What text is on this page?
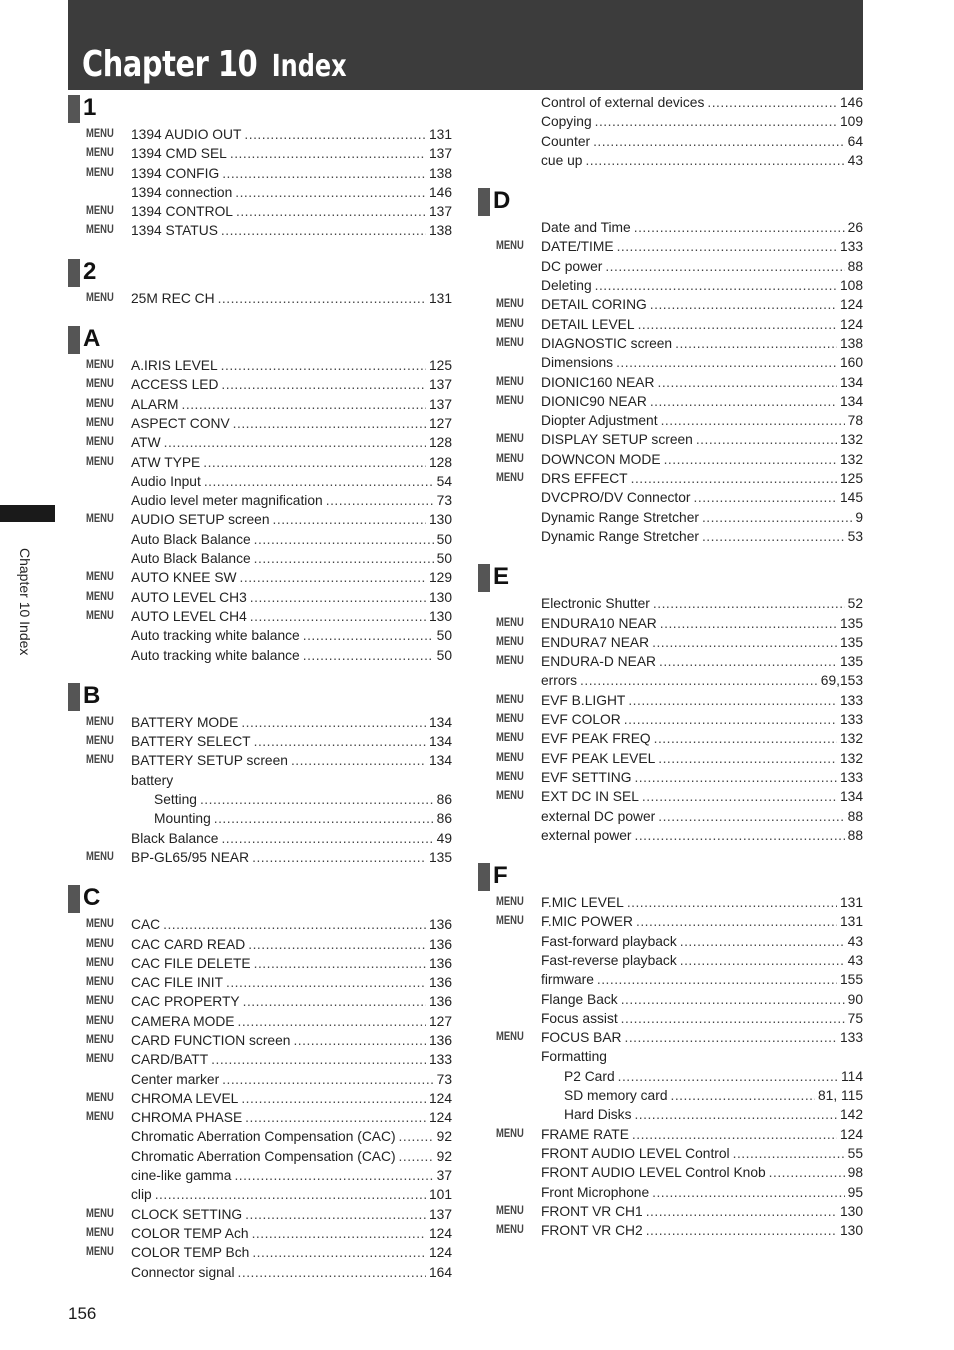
Chapter 10 Index
Chapter 10 Index
1
MENU	1394 AUDIO OUT .....	131
MENU	1394 CMD SEL .....	137
MENU	1394 CONFIG .....	138
1394 connection .....	146
MENU	1394 CONTROL .....	137
MENU	1394 STATUS .....	138
2
MENU	25M REC CH .....	131
A
MENU	A.IRIS LEVEL .....	125
MENU	ACCESS LED .....	137
MENU	ALARM .....	137
MENU	ASPECT CONV .....	127
MENU	ATW .....	128
MENU	ATW TYPE .....	128
Audio Input .....	54
Audio level meter magnification .....	73
MENU	AUDIO SETUP screen .....	130
Auto Black Balance .....	50
Auto Black Balance .....	50
MENU	AUTO KNEE SW .....	129
MENU	AUTO LEVEL CH3 .....	130
MENU	AUTO LEVEL CH4 .....	130
Auto tracking white balance .....	50
Auto tracking white balance .....	50
B
MENU	BATTERY MODE .....	134
MENU	BATTERY SELECT .....	134
MENU	BATTERY SETUP screen .....	134
battery
Setting .....	86
Mounting .....	86
Black Balance .....	49
MENU	BP-GL65/95 NEAR .....	135
C
MENU	CAC .....	136
MENU	CAC CARD READ .....	136
MENU	CAC FILE DELETE .....	136
MENU	CAC FILE INIT .....	136
MENU	CAC PROPERTY .....	136
MENU	CAMERA MODE .....	127
MENU	CARD FUNCTION screen .....	136
MENU	CARD/BATT .....	133
Center marker .....	73
MENU	CHROMA LEVEL .....	124
MENU	CHROMA PHASE .....	124
Chromatic Aberration Compensation (CAC) .....	92
Chromatic Aberration Compensation (CAC) .....	92
cine-like gamma .....	37
clip .....	101
MENU	CLOCK SETTING .....	137
MENU	COLOR TEMP Ach .....	124
MENU	COLOR TEMP Bch .....	124
Connector signal .....	164
Control of external devices .....	146
Copying .....	109
Counter .....	64
cue up .....	43
D
Date and Time .....	26
MENU	DATE/TIME .....	133
DC power .....	88
Deleting .....	108
MENU	DETAIL CORING .....	124
MENU	DETAIL LEVEL .....	124
MENU	DIAGNOSTIC screen .....	138
Dimensions .....	160
MENU	DIONIC160 NEAR .....	134
MENU	DIONIC90 NEAR .....	134
Diopter Adjustment .....	78
MENU	DISPLAY SETUP screen .....	132
MENU	DOWNCON MODE .....	132
MENU	DRS EFFECT .....	125
DVCPRO/DV Connector .....	145
Dynamic Range Stretcher .....	9
Dynamic Range Stretcher .....	53
E
Electronic Shutter .....	52
MENU	ENDURA10 NEAR .....	135
MENU	ENDURA7 NEAR .....	135
MENU	ENDURA-D NEAR .....	135
errors .....	69,153
MENU	EVF B.LIGHT .....	133
MENU	EVF COLOR .....	133
MENU	EVF PEAK FREQ .....	132
MENU	EVF PEAK LEVEL .....	132
MENU	EVF SETTING .....	133
MENU	EXT DC IN SEL .....	134
external DC power .....	88
external power .....	88
F
MENU	F.MIC LEVEL .....	131
MENU	F.MIC POWER .....	131
Fast-forward playback .....	43
Fast-reverse playback .....	43
firmware .....	155
Flange Back .....	90
Focus assist .....	75
MENU	FOCUS BAR .....	133
Formatting
P2 Card .....	114
SD memory card .....	81, 115
Hard Disks .....	142
MENU	FRAME RATE .....	124
FRONT AUDIO LEVEL Control .....	55
FRONT AUDIO LEVEL Control Knob .....	98
Front Microphone .....	95
MENU	FRONT VR CH1 .....	130
MENU	FRONT VR CH2 .....	130
156
